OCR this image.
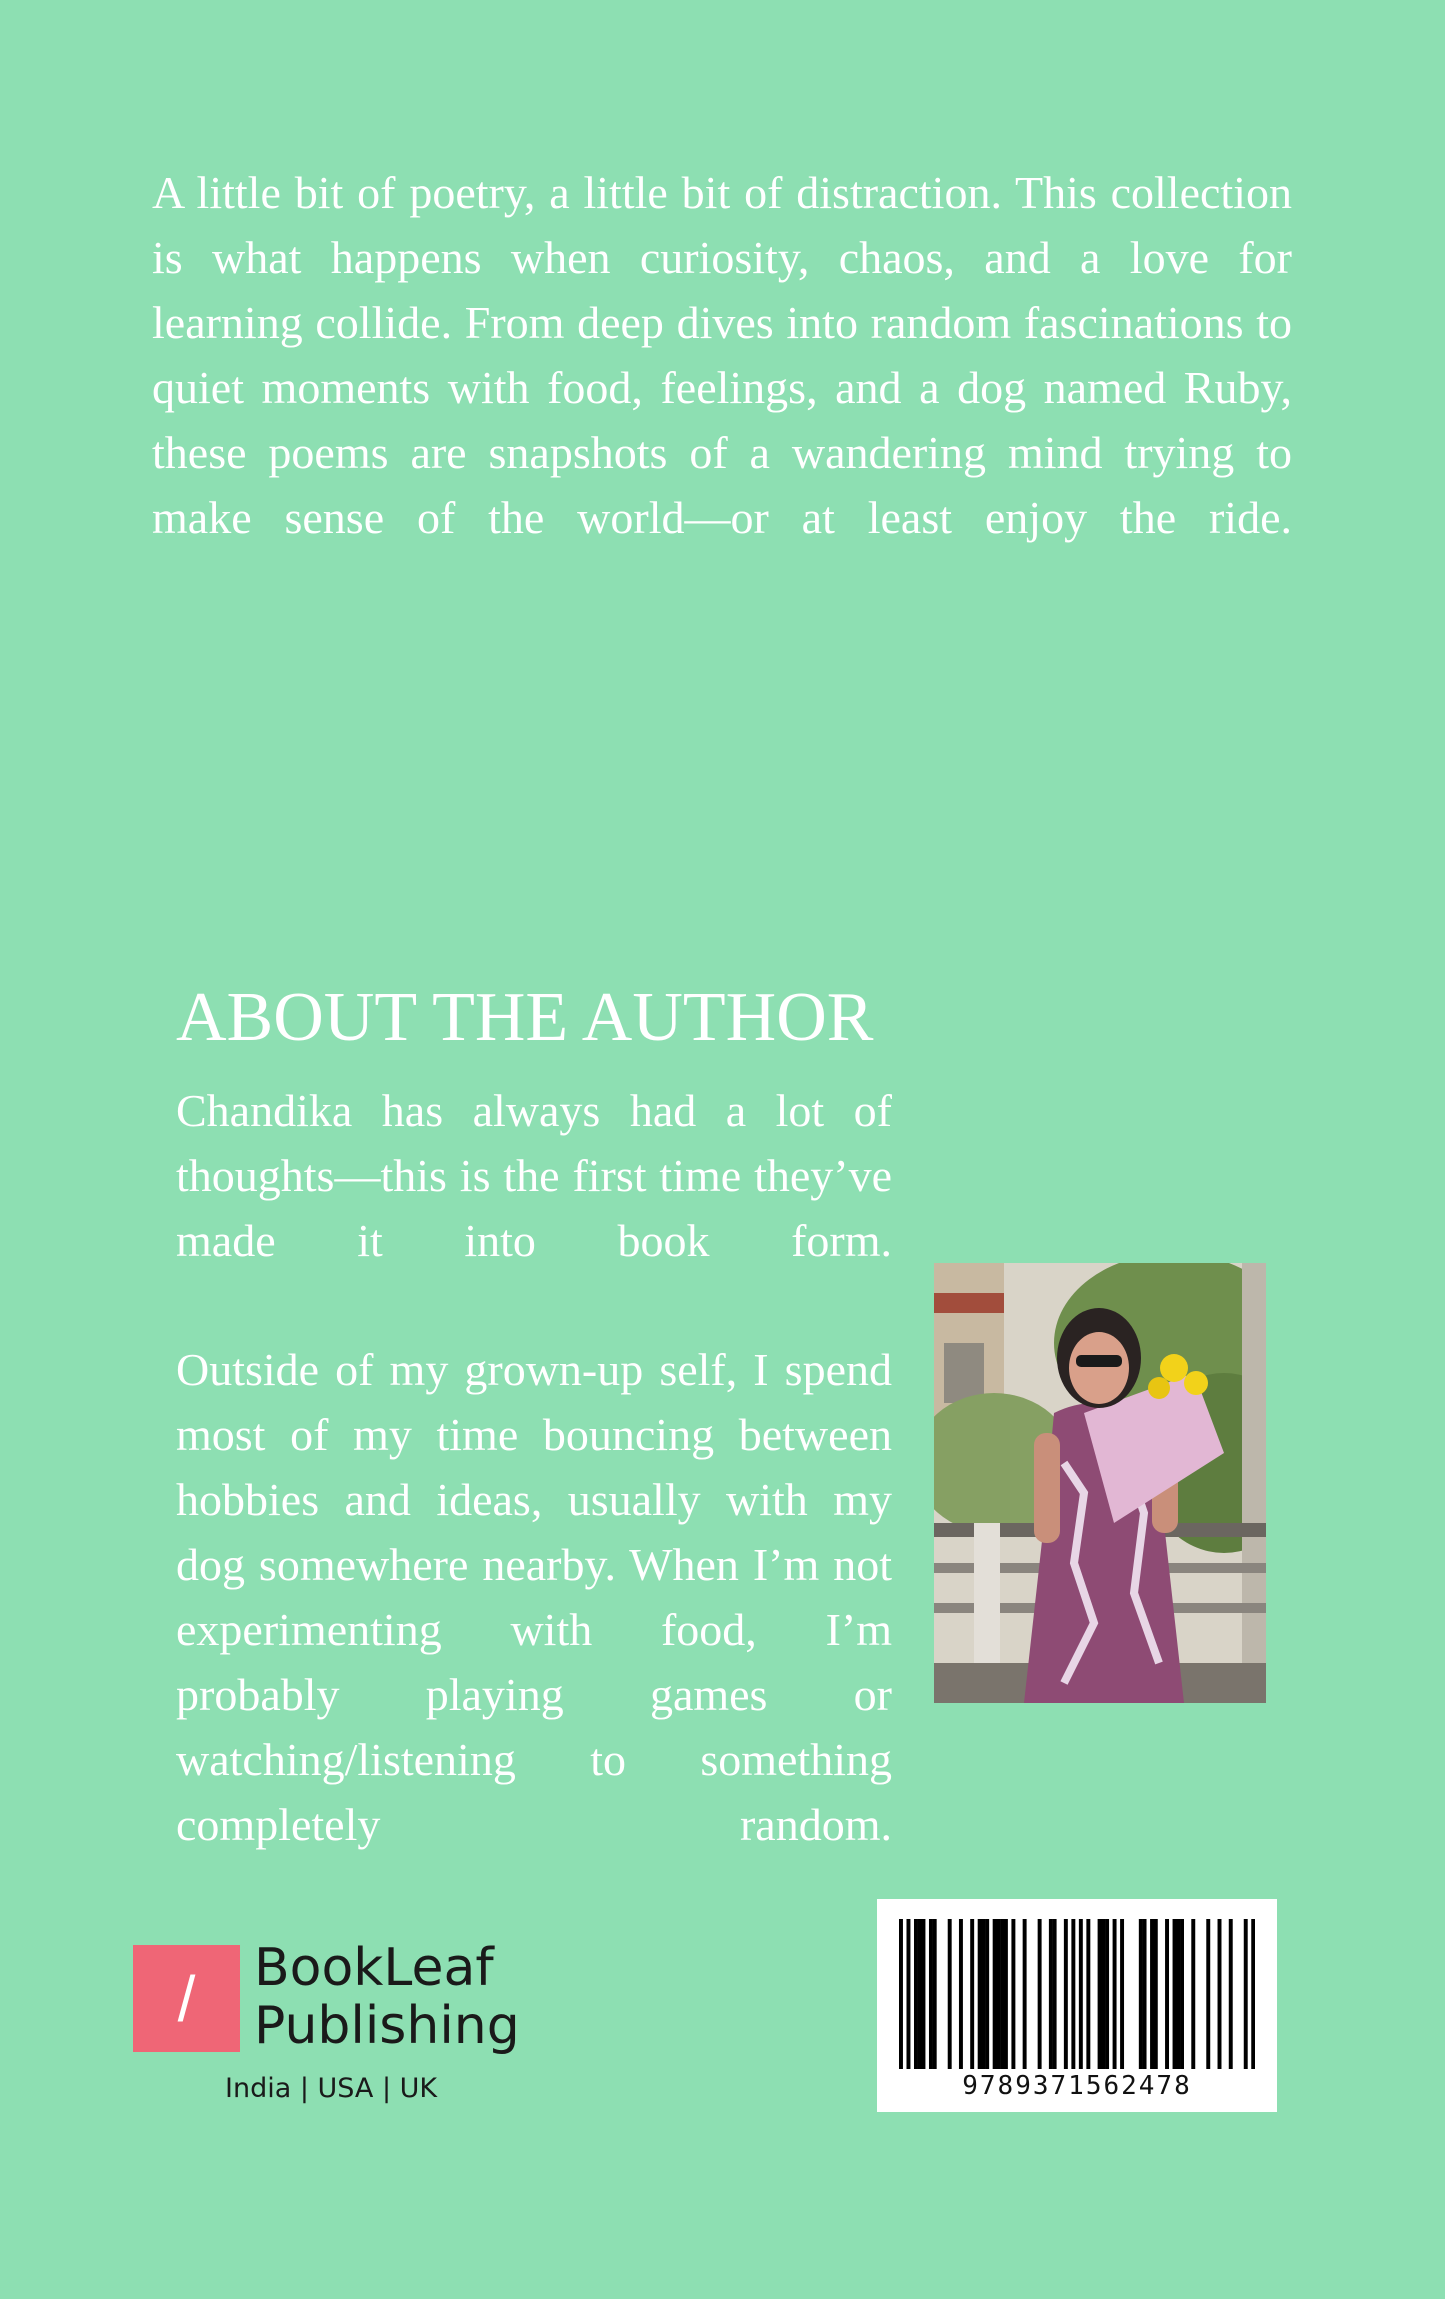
A little bit of poetry, a little bit of distraction. This collection is what happens when curiosity, chaos, and a love for learning collide. From deep dives into random fascinations to quiet moments with food, feelings, and a dog named Ruby, these poems are snapshots of a wandering mind trying to make sense of the world—or at least enjoy the ride.

ABOUT THE AUTHOR

Chandika has always had a lot of thoughts—this is the first time they’ve made it into book form.

Outside of my grown-up self, I spend most of my time bouncing between hobbies and ideas, usually with my dog somewhere nearby. When I’m not experimenting with food, I’m probably playing games or watching/listening to something completely random.

/	BookLeaf
Publishing
India | USA | UK	9789371562478
